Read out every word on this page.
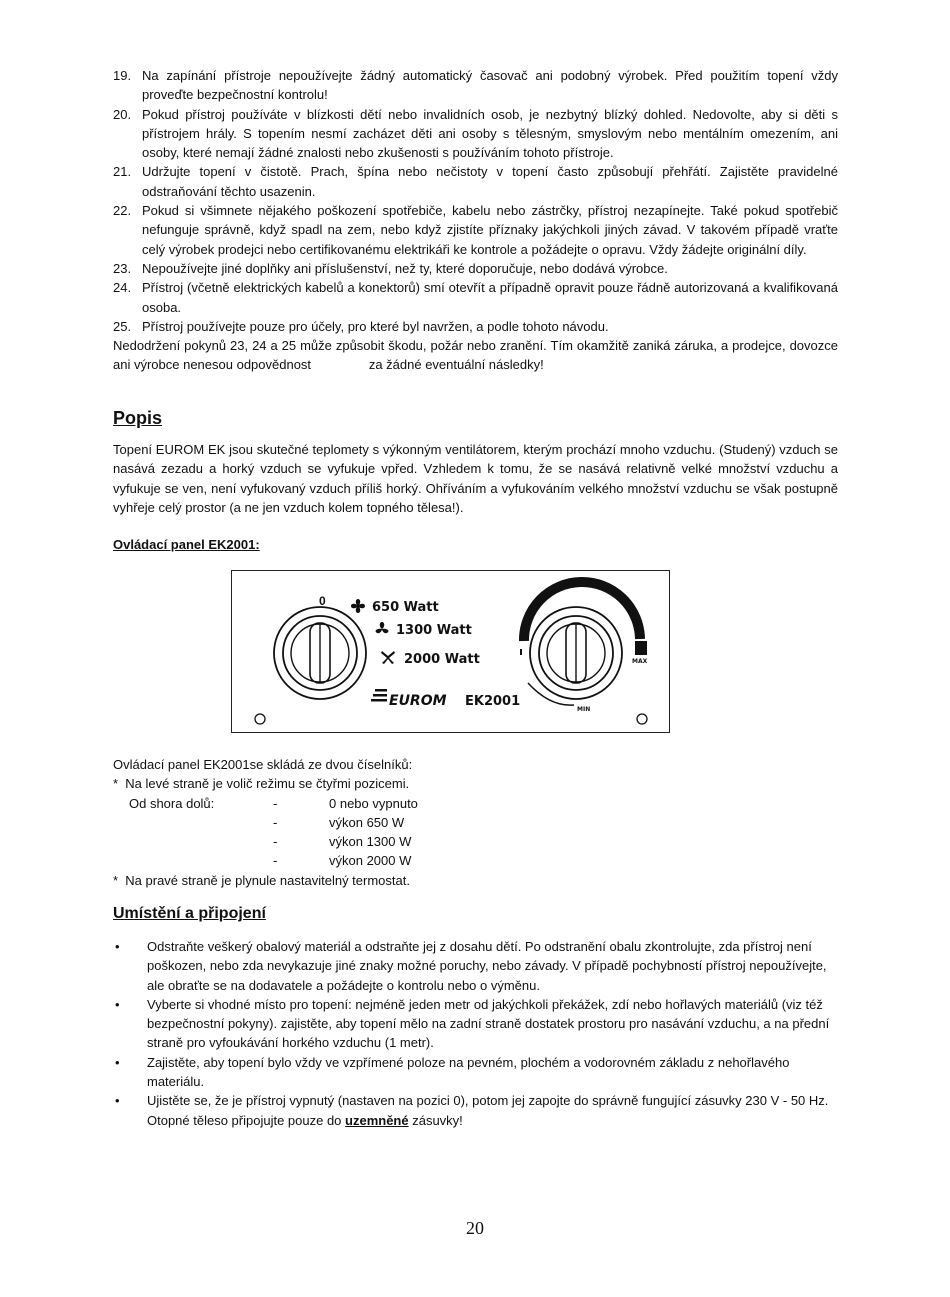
19. Na zapínání přístroje nepoužívejte žádný automatický časovač ani podobný výrobek. Před použitím topení vždy proveďte bezpečnostní kontrolu!
20. Pokud přístroj používáte v blízkosti dětí nebo invalidních osob, je nezbytný blízký dohled. Nedovolte, aby si děti s přístrojem hrály. S topením nesmí zacházet děti ani osoby s tělesným, smyslovým nebo mentálním omezením, ani osoby, které nemají žádné znalosti nebo zkušenosti s používáním tohoto přístroje.
21. Udržujte topení v čistotě. Prach, špína nebo nečistoty v topení často způsobují přehřátí. Zajistěte pravidelné odstraňování těchto usazenin.
22. Pokud si všimnete nějakého poškození spotřebiče, kabelu nebo zástrčky, přístroj nezapínejte. Také pokud spotřebič nefunguje správně, když spadl na zem, nebo když zjistíte příznaky jakýchkoli jiných závad. V takovém případě vraťte celý výrobek prodejci nebo certifikovanému elektrikáři ke kontrole a požádejte o opravu. Vždy žádejte originální díly.
23. Nepoužívejte jiné doplňky ani příslušenství, než ty, které doporučuje, nebo dodává výrobce.
24. Přístroj (včetně elektrických kabelů a konektorů) smí otevřít a případně opravit pouze řádně autorizovaná a kvalifikovaná osoba.
25. Přístroj používejte pouze pro účely, pro které byl navržen, a podle tohoto návodu.
Nedodržení pokynů 23, 24 a 25 může způsobit škodu, požár nebo zranění. Tím okamžitě zaniká záruka, a prodejce, dovozce ani výrobce nenesou odpovědnost                za žádné eventuální následky!
Popis
Topení EUROM EK jsou skutečné teplomety s výkonným ventilátorem, kterým prochází mnoho vzduchu. (Studený) vzduch se nasává zezadu a horký vzduch se vyfukuje vpřed. Vzhledem k tomu, že se nasává relativně velké množství vzduchu a vyfukuje se ven, není vyfukovaný vzduch příliš horký. Ohříváním a vyfukováním velkého množství vzduchu se však postupně vyhřeje celý prostor (a ne jen vzduch kolem topného tělesa!).
Ovládací panel EK2001:
0	650 Watt
1300 Watt
2000 Watt
EUROM EK2001
MAX
MIN
Ovládací panel EK2001se skládá ze dvou číselníků:
*  Na levé straně je volič režimu se čtyřmi pozicemi.
Od shora dolů:	-	0 nebo vypnuto
-	výkon 650 W
-	výkon 1300 W
-	výkon 2000 W
*  Na pravé straně je plynule nastavitelný termostat.
Umístění a připojení
•	Odstraňte veškerý obalový materiál a odstraňte jej z dosahu dětí. Po odstranění obalu zkontrolujte, zda přístroj není poškozen, nebo zda nevykazuje jiné znaky možné poruchy, nebo závady. V případě pochybností přístroj nepoužívejte, ale obraťte se na dodavatele a požádejte o kontrolu nebo o výměnu.
•	Vyberte si vhodné místo pro topení: nejméně jeden metr od jakýchkoli překážek, zdí nebo hořlavých materiálů (viz též bezpečnostní pokyny). zajistěte, aby topení mělo na zadní straně dostatek prostoru pro nasávání vzduchu, a na přední straně pro vyfoukávání horkého vzduchu (1 metr).
•	Zajistěte, aby topení bylo vždy ve vzpřímené poloze na pevném, plochém a vodorovném základu z nehořlavého materiálu.
•	Ujistěte se, že je přístroj vypnutý (nastaven na pozici 0), potom jej zapojte do správně fungující zásuvky 230 V - 50 Hz. Otopné těleso připojujte pouze do uzemněné zásuvky!
20
